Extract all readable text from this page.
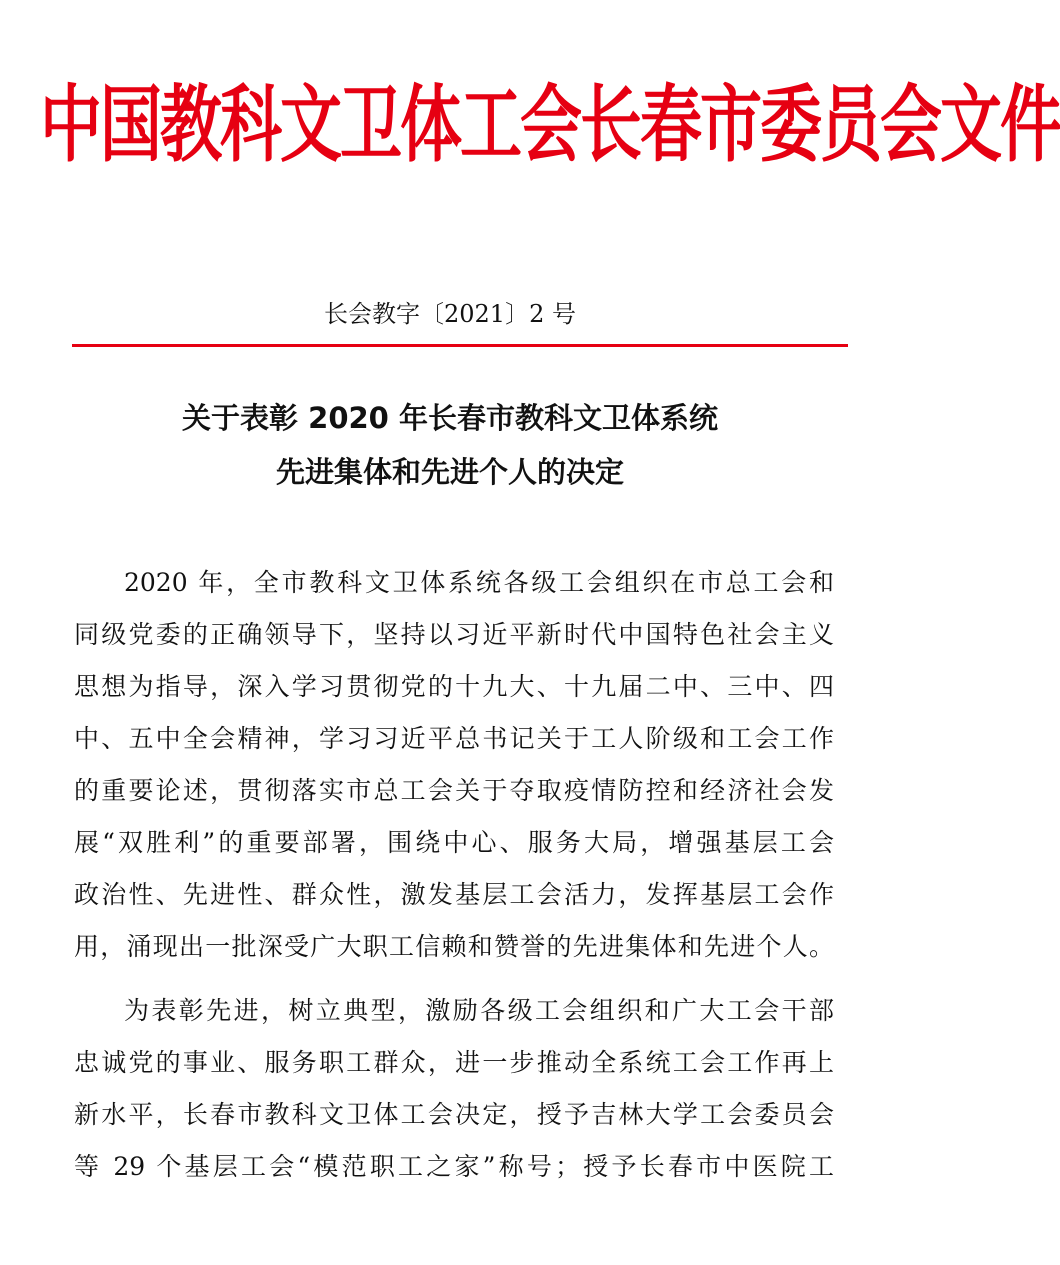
中国教科文卫体工会长春市委员会文件
长会教字〔2021〕2 号
关于表彰 2020 年长春市教科文卫体系统
先进集体和先进个人的决定
2020 年，全市教科文卫体系统各级工会组织在市总工会和
同级党委的正确领导下，坚持以习近平新时代中国特色社会主义
思想为指导，深入学习贯彻党的十九大、十九届二中、三中、四
中、五中全会精神，学习习近平总书记关于工人阶级和工会工作
的重要论述，贯彻落实市总工会关于夺取疫情防控和经济社会发
展“双胜利”的重要部署，围绕中心、服务大局，增强基层工会
政治性、先进性、群众性，激发基层工会活力，发挥基层工会作
用，涌现出一批深受广大职工信赖和赞誉的先进集体和先进个人。
为表彰先进，树立典型，激励各级工会组织和广大工会干部
忠诚党的事业、服务职工群众，进一步推动全系统工会工作再上
新水平，长春市教科文卫体工会决定，授予吉林大学工会委员会
等 29 个基层工会“模范职工之家”称号；授予长春市中医院工
